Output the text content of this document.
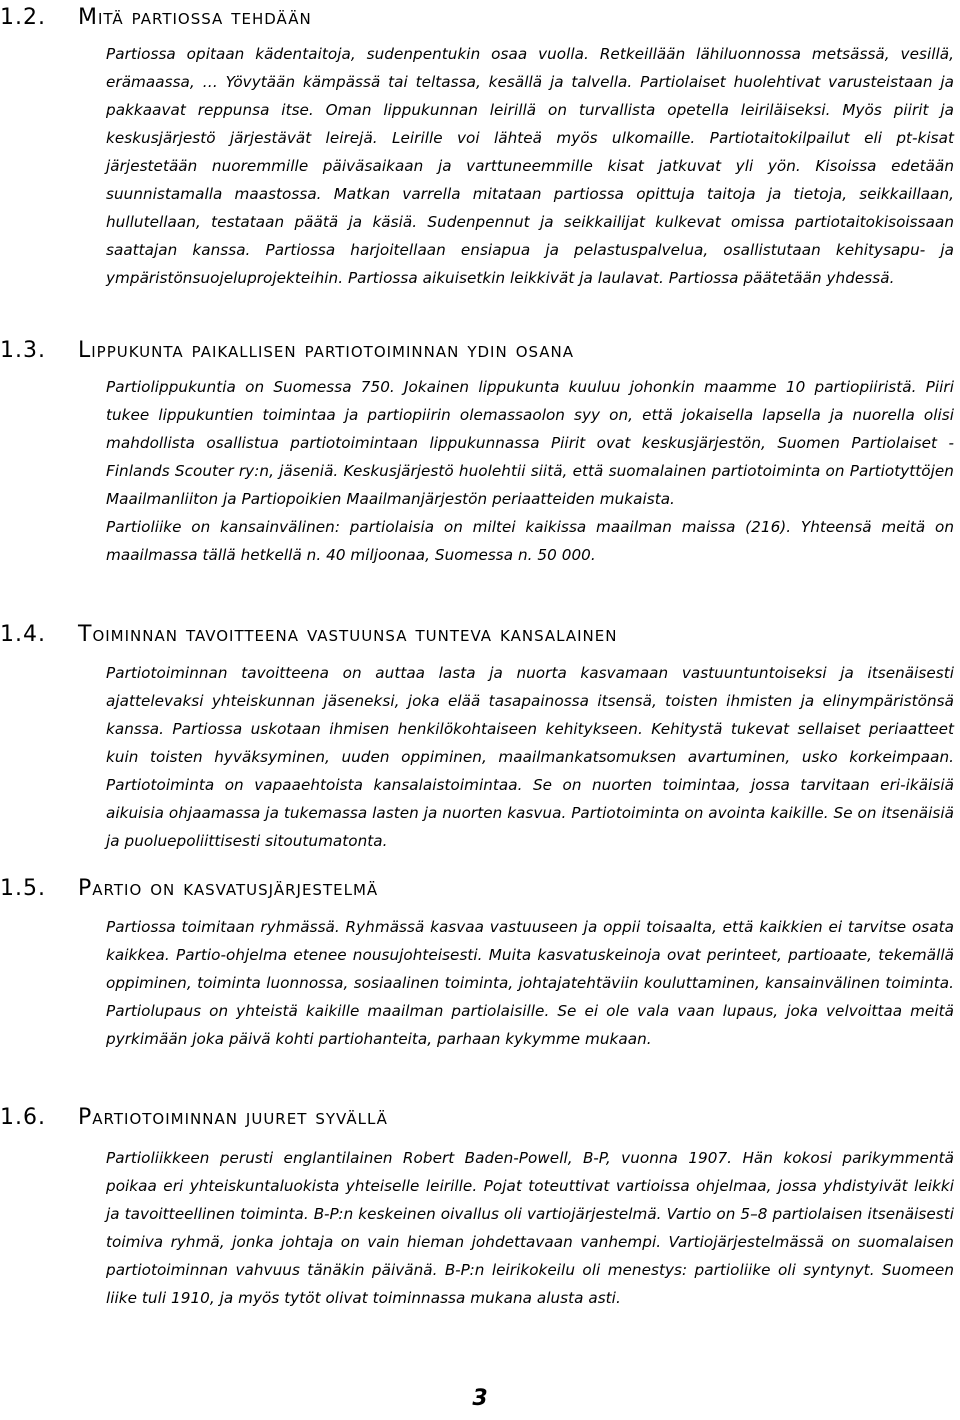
1.2. Mitä partiossa tehdään

Partiossa opitaan kädentaitoja, sudenpentukin osaa vuolla. Retkeillään lähiluonnossa metsässä, vesillä, erämaassa, … Yövytään kämpässä tai teltassa, kesällä ja talvella. Partiolaiset huolehtivat varusteistaan ja pakkaavat reppunsa itse. Oman lippukunnan leirillä on turvallista opetella leiriläiseksi. Myös piirit ja keskusjärjestö järjestävät leirejä. Leirille voi lähteä myös ulkomaille. Partiotaitokilpailut eli pt-kisat järjestetään nuoremmille päiväsaikaan ja varttuneemmille kisat jatkuvat yli yön. Kisoissa edetään suunnistamalla maastossa. Matkan varrella mitataan partiossa opittuja taitoja ja tietoja, seikkaillaan, hullutellaan, testataan päätä ja käsiä. Sudenpennut ja seikkailijat kulkevat omissa partiotaitokisoissaan saattajan kanssa. Partiossa harjoitellaan ensiapua ja pelastuspalvelua, osallistutaan kehitysapu- ja ympäristönsuojeluprojekteihin. Partiossa aikuisetkin leikkivät ja laulavat. Partiossa päätetään yhdessä.

1.3. Lippukunta paikallisen partiotoiminnan ydin osana

Partiolippukuntia on Suomessa 750. Jokainen lippukunta kuuluu johonkin maamme 10 partiopiiristä. Piiri tukee lippukuntien toimintaa ja partiopiirin olemassaolon syy on, että jokaisella lapsella ja nuorella olisi mahdollista osallistua partiotoimintaan lippukunnassa Piirit ovat keskusjärjestön, Suomen Partiolaiset - Finlands Scouter ry:n, jäseniä. Keskusjärjestö huolehtii siitä, että suomalainen partiotoiminta on Partiotyttöjen Maailmanliiton ja Partiopoikien Maailmanjärjestön periaatteiden mukaista.

Partioliike on kansainvälinen: partiolaisia on miltei kaikissa maailman maissa (216). Yhteensä meitä on maailmassa tällä hetkellä n. 40 miljoonaa, Suomessa n. 50 000.

1.4. Toiminnan tavoitteena vastuunsa tunteva kansalainen

Partiotoiminnan tavoitteena on auttaa lasta ja nuorta kasvamaan vastuuntuntoiseksi ja itsenäisesti ajattelevaksi yhteiskunnan jäseneksi, joka elää tasapainossa itsensä, toisten ihmisten ja elinympäristönsä kanssa. Partiossa uskotaan ihmisen henkilökohtaiseen kehitykseen. Kehitystä tukevat sellaiset periaatteet kuin toisten hyväksyminen, uuden oppiminen, maailmankatsomuksen avartuminen, usko korkeimpaan. Partiotoiminta on vapaaehtoista kansalaistoimintaa. Se on nuorten toimintaa, jossa tarvitaan eri-ikäisiä aikuisia ohjaamassa ja tukemassa lasten ja nuorten kasvua. Partiotoiminta on avointa kaikille. Se on itsenäisiä ja puoluepoliittisesti sitoutumatonta.

1.5. Partio on kasvatusjärjestelmä

Partiossa toimitaan ryhmässä. Ryhmässä kasvaa vastuuseen ja oppii toisaalta, että kaikkien ei tarvitse osata kaikkea. Partio-ohjelma etenee nousujohteisesti. Muita kasvatuskeinoja ovat perinteet, partioaate, tekemällä oppiminen, toiminta luonnossa, sosiaalinen toiminta, johtajatehtäviin kouluttaminen, kansainvälinen toiminta. Partiolupaus on yhteistä kaikille maailman partiolaisille. Se ei ole vala vaan lupaus, joka velvoittaa meitä pyrkimään joka päivä kohti partiohanteita, parhaan kykymme mukaan.

1.6. Partiotoiminnan juuret syvällä

Partioliikkeen perusti englantilainen Robert Baden-Powell, B-P, vuonna 1907. Hän kokosi parikymmentä poikaa eri yhteiskuntaluokista yhteiselle leirille. Pojat toteuttivat vartioissa ohjelmaa, jossa yhdistyivät leikki ja tavoitteellinen toiminta. B-P:n keskeinen oivallus oli vartiojärjestelmä. Vartio on 5–8 partiolaisen itsenäisesti toimiva ryhmä, jonka johtaja on vain hieman johdettavaan vanhempi. Vartiojärjestelmässä on suomalaisen partiotoiminnan vahvuus tänäkin päivänä. B-P:n leirikokeilu oli menestys: partioliike oli syntynyt. Suomeen liike tuli 1910, ja myös tytöt olivat toiminnassa mukana alusta asti.

3
